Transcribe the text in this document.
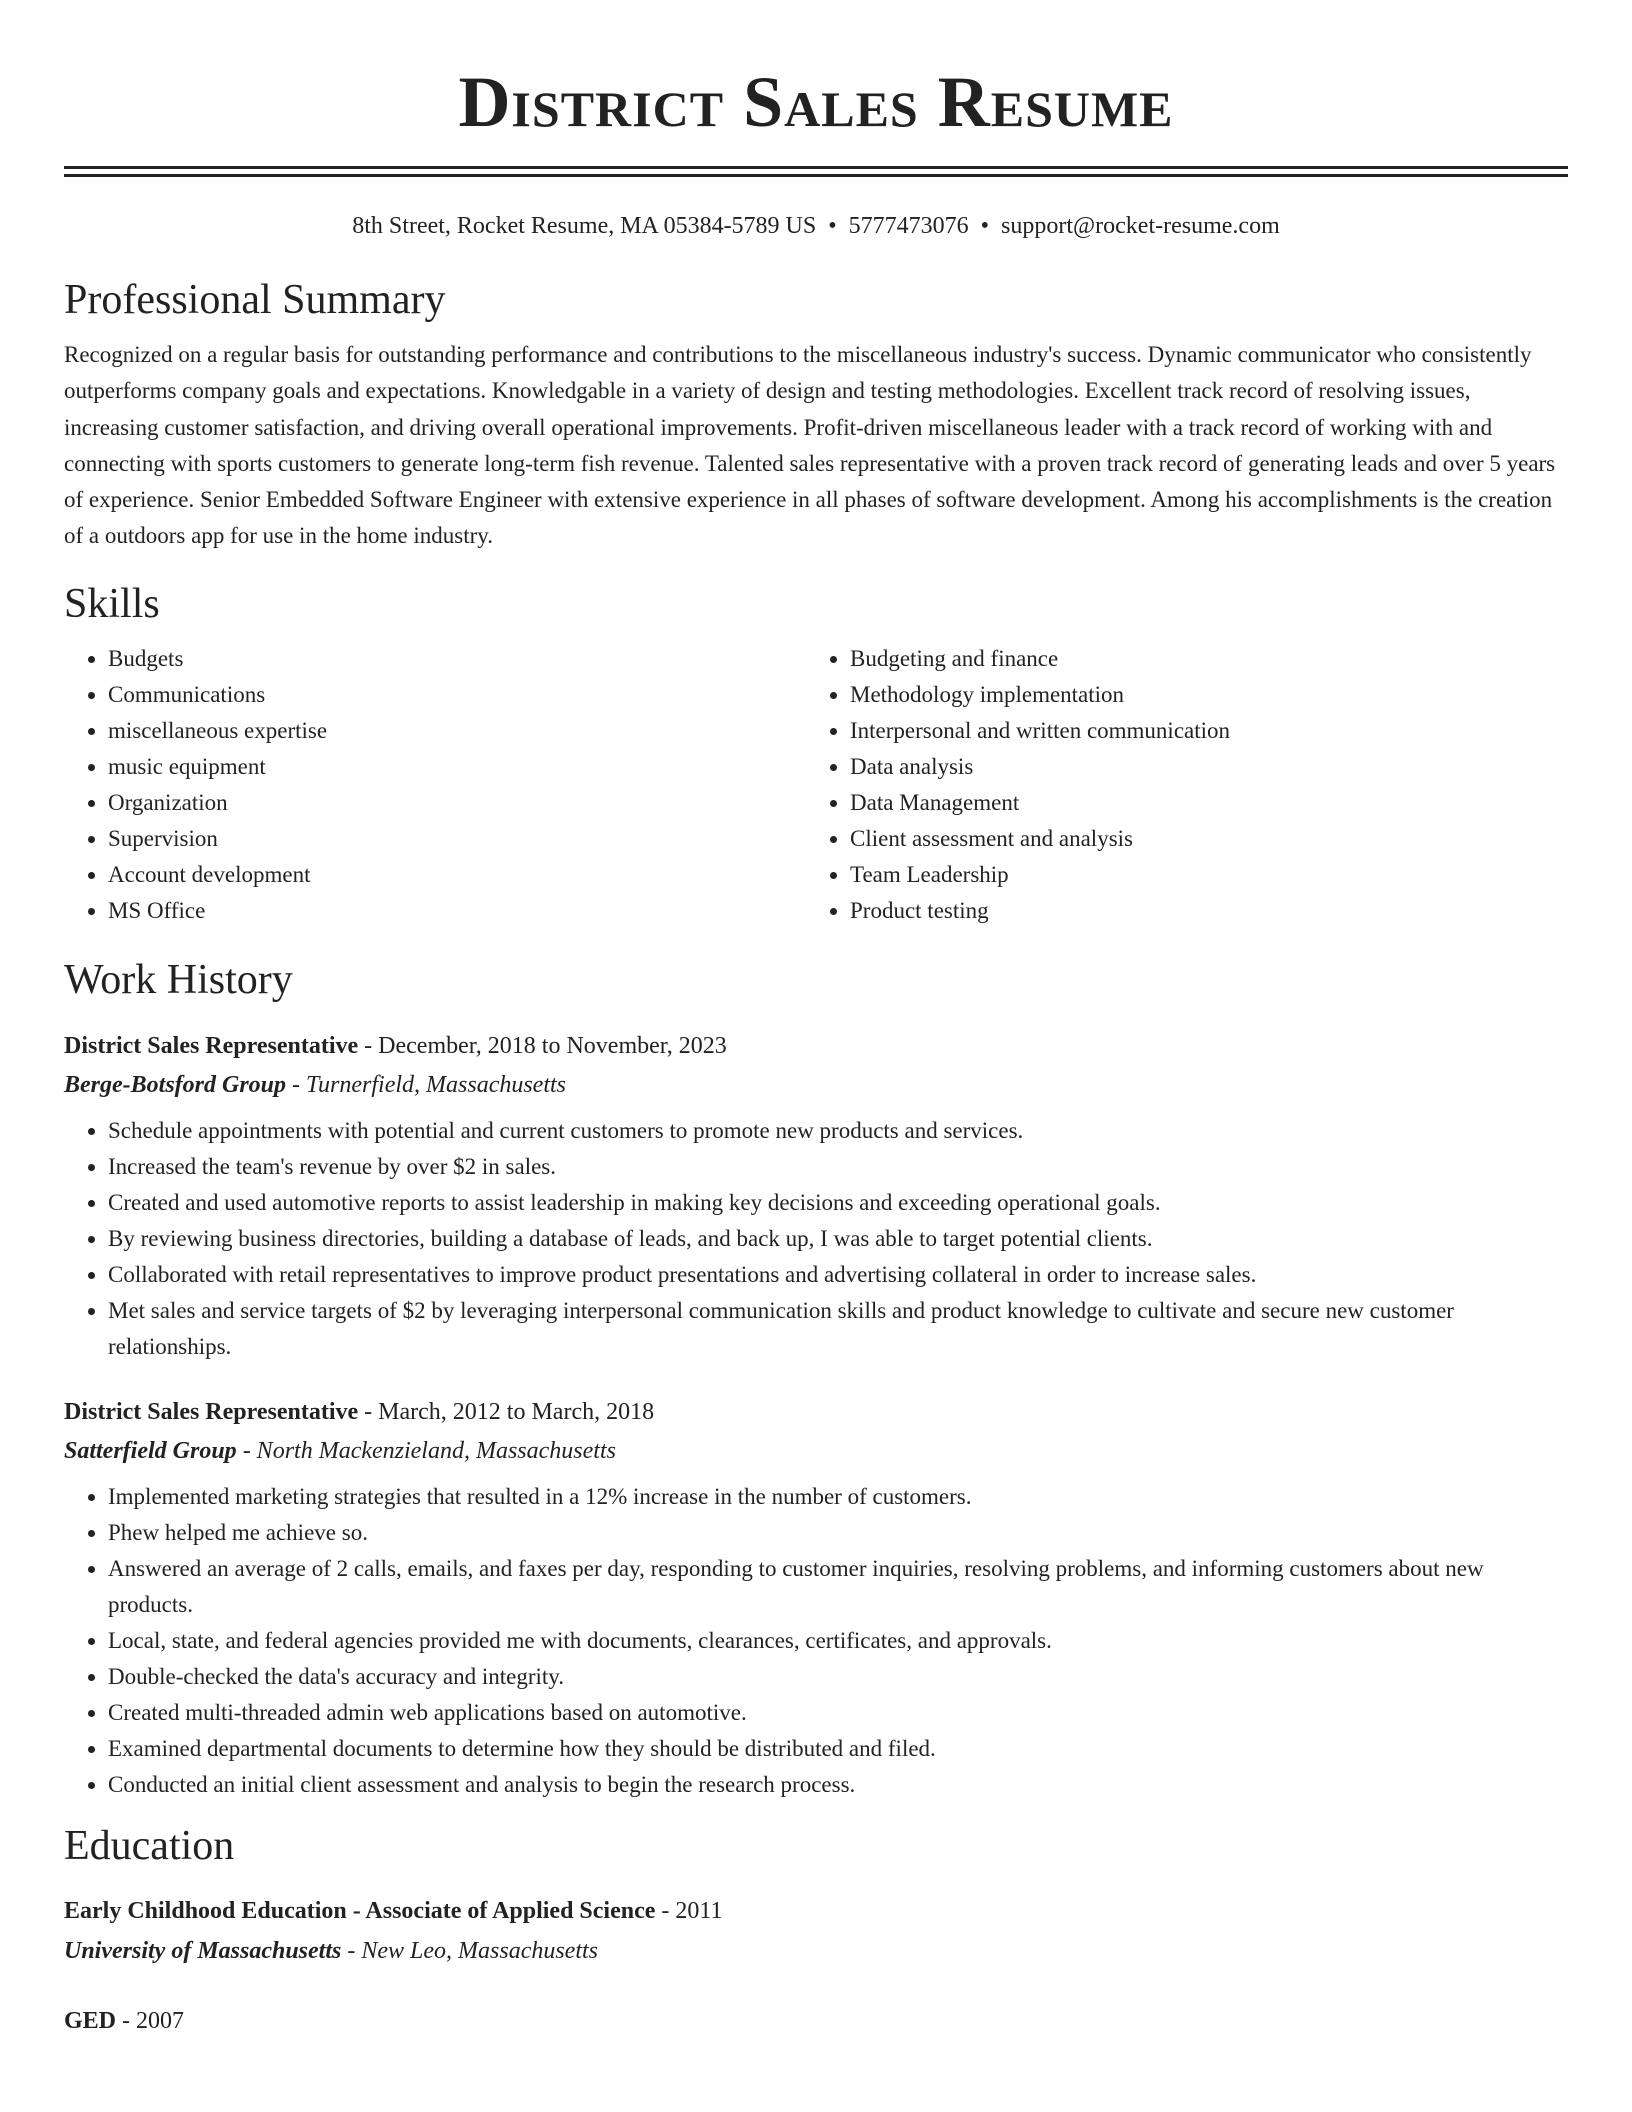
District Sales Resume
8th Street, Rocket Resume, MA 05384-5789 US • 5777473076 • support@rocket-resume.com
Professional Summary

Recognized on a regular basis for outstanding performance and contributions to the miscellaneous industry's success. Dynamic communicator who consistently outperforms company goals and expectations. Knowledgable in a variety of design and testing methodologies. Excellent track record of resolving issues, increasing customer satisfaction, and driving overall operational improvements. Profit-driven miscellaneous leader with a track record of working with and connecting with sports customers to generate long-term fish revenue. Talented sales representative with a proven track record of generating leads and over 5 years of experience. Senior Embedded Software Engineer with extensive experience in all phases of software development. Among his accomplishments is the creation of a outdoors app for use in the home industry.

Skills
• Budgets
• Communications
• miscellaneous expertise
• music equipment
• Organization
• Supervision
• Account development
• MS Office
• Budgeting and finance
• Methodology implementation
• Interpersonal and written communication
• Data analysis
• Data Management
• Client assessment and analysis
• Team Leadership
• Product testing
Work History
District Sales Representative - December, 2018 to November, 2023
Berge-Botsford Group - Turnerfield, Massachusetts
• Schedule appointments with potential and current customers to promote new products and services.
• Increased the team's revenue by over $2 in sales.
• Created and used automotive reports to assist leadership in making key decisions and exceeding operational goals.
• By reviewing business directories, building a database of leads, and back up, I was able to target potential clients.
• Collaborated with retail representatives to improve product presentations and advertising collateral in order to increase sales.
• Met sales and service targets of $2 by leveraging interpersonal communication skills and product knowledge to cultivate and secure new customer relationships.
District Sales Representative - March, 2012 to March, 2018
Satterfield Group - North Mackenzieland, Massachusetts
• Implemented marketing strategies that resulted in a 12% increase in the number of customers.
• Phew helped me achieve so.
• Answered an average of 2 calls, emails, and faxes per day, responding to customer inquiries, resolving problems, and informing customers about new products.
• Local, state, and federal agencies provided me with documents, clearances, certificates, and approvals.
• Double-checked the data's accuracy and integrity.
• Created multi-threaded admin web applications based on automotive.
• Examined departmental documents to determine how they should be distributed and filed.
• Conducted an initial client assessment and analysis to begin the research process.
Education
Early Childhood Education - Associate of Applied Science - 2011
University of Massachusetts - New Leo, Massachusetts
GED - 2007
